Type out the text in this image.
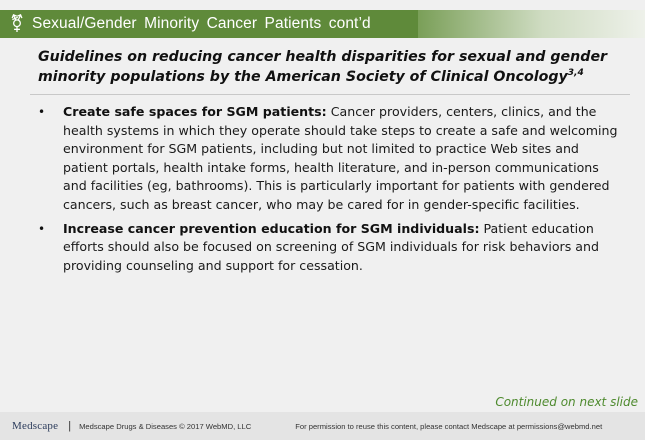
⚧ Sexual/Gender Minority Cancer Patients cont’d
Guidelines on reducing cancer health disparities for sexual and gender minority populations by the American Society of Clinical Oncology$^{3,4}$
• Create safe spaces for SGM patients: Cancer providers, centers, clinics, and the health systems in which they operate should take steps to create a safe and welcoming environment for SGM patients, including but not limited to practice Web sites and patient portals, health intake forms, health literature, and in-person communications and facilities (eg, bathrooms). This is particularly important for patients with gendered cancers, such as breast cancer, who may be cared for in gender-specific facilities.
• Increase cancer prevention education for SGM individuals: Patient education efforts should also be focused on screening of SGM individuals for risk behaviors and providing counseling and support for cessation.
Continued on next slide
Medscape | Medscape Drugs & Diseases © 2017 WebMD, LLC	For permission to reuse this content, please contact Medscape at permissions@webmd.net
